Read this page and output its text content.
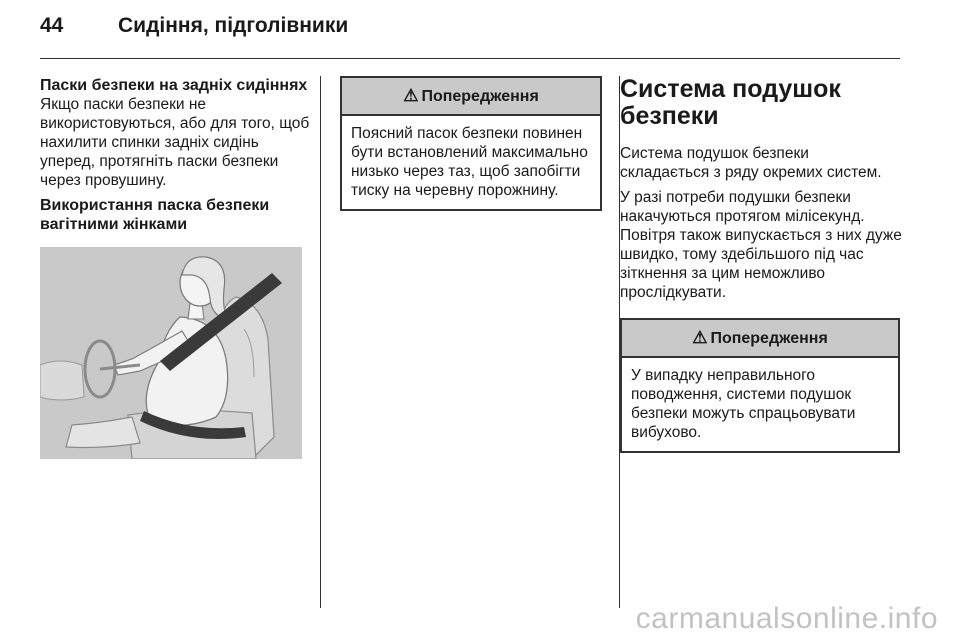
44	Сидіння, підголівники
Паски безпеки на задніх сидіннях

Якщо паски безпеки не використовуються, або для того, щоб нахилити спинки задніх сидінь уперед, протягніть паски безпеки через провушину.

Використання паска безпеки вагітними жінками
⚠ Попередження
Поясний пасок безпеки повинен бути встановлений максимально низько через таз, щоб запобігти тиску на черевну порожнину.
Система подушок безпеки

Система подушок безпеки складається з ряду окремих систем.

У разі потреби подушки безпеки накачуються протягом мілісекунд. Повітря також випускається з них дуже швидко, тому здебільшого під час зіткнення за цим неможливо прослідкувати.

⚠ Попередження
У випадку неправильного поводження, системи подушок безпеки можуть спрацьовувати вибухово.
carmanualsonline.info
